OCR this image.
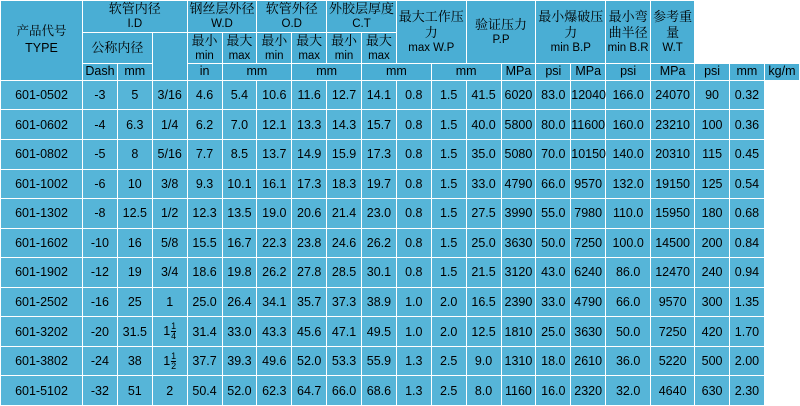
产品代号
TYPE	软管内径
I.D			钢丝层外径
W.D		软管外径
O.D		外胶层厚度
C.T		最大工作压力
max W.P		验证压力
P.P		最小爆破压力
min B.P		最小弯曲半径
min B.R	参考重量
W.T			

	公称内径			最小
min	最大
max	最小
min	最大
max	最小
min	最大
max											

	Dash	mm		in	mm		mm		mm		mm		MPa	psi	MPa	psi	MPa	psi	mm	kg/m
601-0502	-3	5	3/16	4.6	5.4	10.6	11.6	12.7	14.1	0.8	1.5	41.5	6020	83.0	12040	166.0	24070	90	0.32	
601-0602	-4	6.3	1/4	6.2	7.0	12.1	13.3	14.3	15.7	0.8	1.5	40.0	5800	80.0	11600	160.0	23210	100	0.36	
601-0802	-5	8	5/16	7.7	8.5	13.7	14.9	15.9	17.3	0.8	1.5	35.0	5080	70.0	10150	140.0	20310	115	0.45	
601-1002	-6	10	3/8	9.3	10.1	16.1	17.3	18.3	19.7	0.8	1.5	33.0	4790	66.0	9570	132.0	19150	125	0.54	
601-1302	-8	12.5	1/2	12.3	13.5	19.0	20.6	21.4	23.0	0.8	1.5	27.5	3990	55.0	7980	110.0	15950	180	0.68	
601-1602	-10	16	5/8	15.5	16.7	22.3	23.8	24.6	26.2	0.8	1.5	25.0	3630	50.0	7250	100.0	14500	200	0.84	
601-1902	-12	19	3/4	18.6	19.8	26.2	27.8	28.5	30.1	0.8	1.5	21.5	3120	43.0	6240	86.0	12470	240	0.94	
601-2502	-16	25	1	25.0	26.4	34.1	35.7	37.3	38.9	1.0	2.0	16.5	2390	33.0	4790	66.0	9570	300	1.35	
601-3202	-20	31.5	$1 \frac{1}{4}$	31.4	33.0	43.3	45.6	47.1	49.5	1.0	2.0	12.5	1810	25.0	3630	50.0	7250	420	1.70	
601-3802	-24	38	$1 \frac{1}{2}$	37.7	39.3	49.6	52.0	53.3	55.9	1.3	2.5	9.0	1310	18.0	2610	36.0	5220	500	2.00	
601-5102	-32	51	2	50.4	52.0	62.3	64.7	66.0	68.6	1.3	2.5	8.0	1160	16.0	2320	32.0	4640	630	2.30	
